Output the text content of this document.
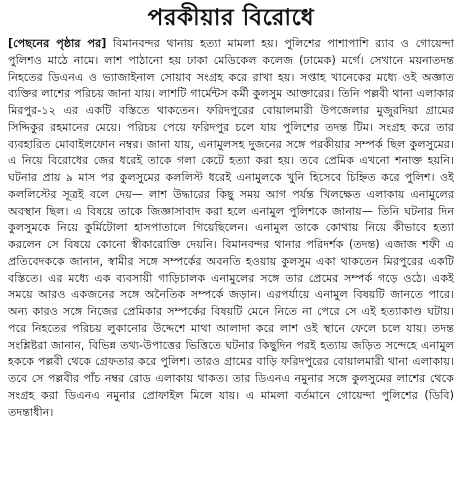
পরকীয়ার বিরোধে

[পেছনের পৃষ্ঠার পর] বিমানবন্দর থানায় হত্যা মামলা হয়। পুলিশের পাশাপাশি র‌্যাব ও গোয়েন্দা পুলিশও মাঠে নামে। লাশ পাঠানো হয় ঢাকা মেডিকেল কলেজ (ঢামেক) মর্গে। সেখানে ময়নাতদন্ত নিহতের ডিএনএ ও ভ্যাজাইনাল সোয়াব সংগ্রহ করে রাখা হয়। সপ্তাহ খানেকের মধ্যে ওই অজ্ঞাত ব্যক্তির লাশের পরিচয় জানা যায়। লাশটি গার্মেন্টস কর্মী কুলসুম আক্তারের। তিনি পল্লবী থানা এলাকার মিরপুর-১২ এর একটি বস্তিতে থাকতেন। ফরিদপুরের বোয়ালমারী উপজেলার মুজুরদিয়া গ্রামের সিদ্দিকুর রহমানের মেয়ে। পরিচয় পেয়ে ফরিদপুর চলে যায় পুলিশের তদন্ত টিম। সংগ্রহ করে তার ব্যবহারিত মোবাইলফোন নম্বর। জানা যায়, এনামুলসহ দুজনের সঙ্গে পরকীয়ার সম্পর্ক ছিল কুলসুমের। এ নিয়ে বিরোধের জের ধরেই তাকে গলা কেটে হত্যা করা হয়। তবে প্রেমিক এখনো শনাক্ত হয়নি। ঘটনার প্রায় ৯ মাস পর কুলসুমের কললিস্ট ধরেই এনামুলকে খুনি হিসেবে চিহ্নিত করে পুলিশ। ওই কললিস্টের সূত্রই বলে দেয়— লাশ উদ্ধারের কিছু সময় আগ পর্যন্ত খিলক্ষেত এলাকায় এনামুলের অবস্থান ছিল। এ বিষয়ে তাকে জিজ্ঞাসাবাদ করা হলে এনামুল পুলিশকে জানায়— তিনি ঘটনার দিন কুলসুমকে নিয়ে কুর্মিটোলা হাসপাতালে গিয়েছিলেন। এনামুল তাকে কোথায় নিয়ে কীভাবে হত্যা করলেন সে বিষয়ে কোনো স্বীকারোক্তি দেয়নি। বিমানবন্দর থানার পরিদর্শক (তদন্ত) এজাজ শফী এ প্রতিবেদককে জানান, স্বামীর সঙ্গে সম্পর্কের অবনতি হওয়ায় কুলসুম একা থাকতেন মিরপুরের একটি বস্তিতে। এর মধ্যে এক ব্যবসায়ী গাড়িচালক এনামুলের সঙ্গে তার প্রেমের সম্পর্ক গড়ে ওঠে। একই সময়ে আরও একজনের সঙ্গে অনৈতিক সম্পর্কে জড়ান। এরপর্যায়ে এনামুল বিষয়টি জানতে পারে। অন্য কারও সঙ্গে নিজের প্রেমিকার সম্পর্কের বিষয়টি মেনে নিতে না পেরে সে এই হত্যাকাণ্ড ঘটায়। পরে নিহতের পরিচয় লুকানোর উদ্দেশে মাথা আলাদা করে লাশ ওই স্থানে ফেলে চলে যায়। তদন্ত সংশ্লিষ্টরা জানান, বিভিন্ন তথ্য-উপাত্তের ভিত্তিতে ঘটনার কিছুদিন পরই হত্যায় জড়িত সন্দেহে এনামুল হককে পল্লবী থেকে গ্রেফতার করে পুলিশ। তারও গ্রামের বাড়ি ফরিদপুরের বোয়ালমারী থানা এলাকায়। তবে সে পল্লবীর পাঁচ নম্বর রোড এলাকায় থাকত। তার ডিএনএ নমুনার সঙ্গে কুলসুমের লাশের থেকে সংগ্রহ করা ডিএনএ নমুনার প্রোফাইল মিলে যায়। এ মামলা বর্তমানে গোয়েন্দা পুলিশের (ডিবি) তদন্তাধীন।
